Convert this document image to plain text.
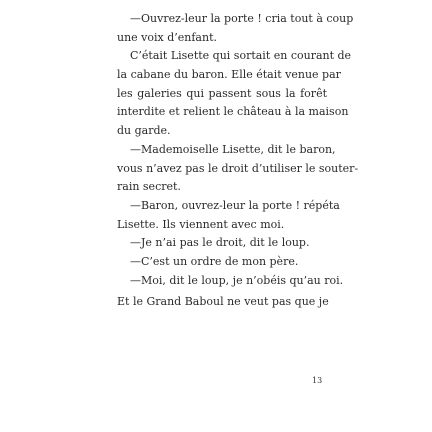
—Ouvrez-leur la porte ! cria tout à coup
une voix d’enfant.
C’était Lisette qui sortait en courant de
la cabane du baron. Elle était venue par
les galeries qui passent sous la forêt
interdite et relient le château à la maison
du garde.
—Mademoiselle Lisette, dit le baron,
vous n’avez pas le droit d’utiliser le souter-
rain secret.
—Baron, ouvrez-leur la porte ! répéta
Lisette. Ils viennent avec moi.
—Je n’ai pas le droit, dit le loup.
—C’est un ordre de mon père.
—Moi, dit le loup, je n’obéis qu’au roi.
Et le Grand Baboul ne veut pas que je
13
